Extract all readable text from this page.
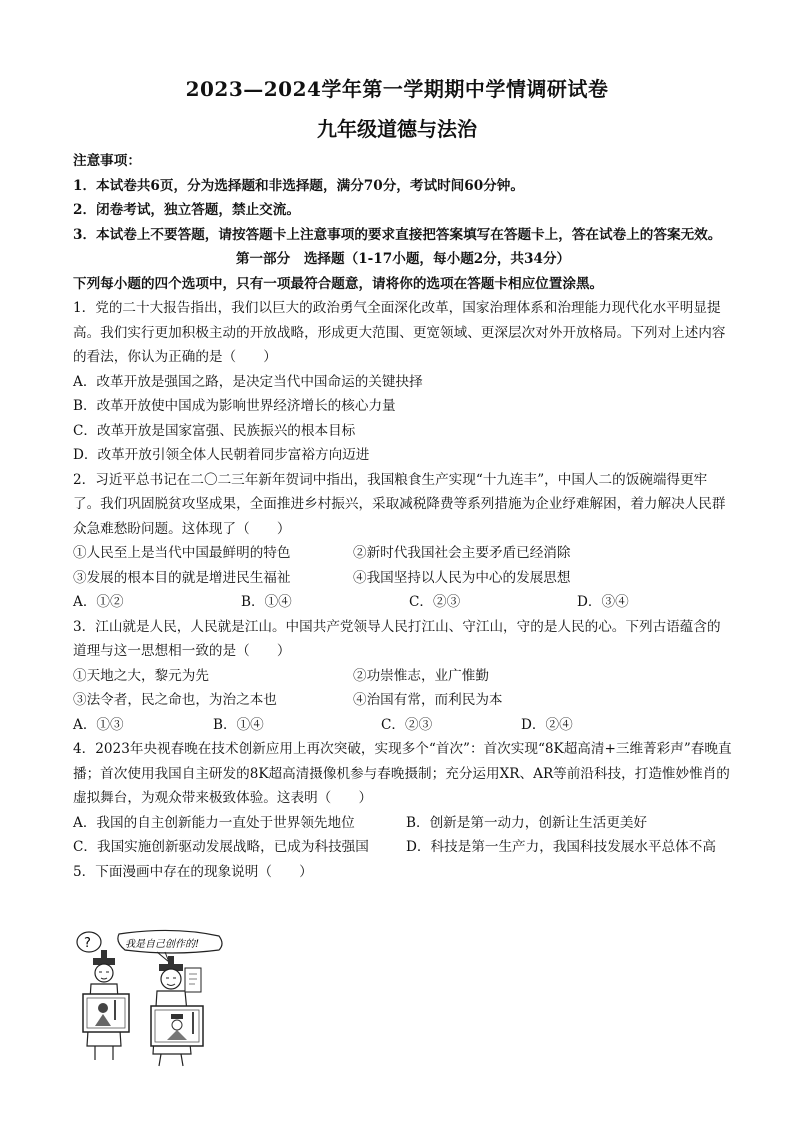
2023—2024学年第一学期期中学情调研试卷
九年级道德与法治

注意事项：

1．本试卷共6页，分为选择题和非选择题，满分70分，考试时间60分钟。

2．闭卷考试，独立答题，禁止交流。

3．本试卷上不要答题，请按答题卡上注意事项的要求直接把答案填写在答题卡上，答在试卷上的答案无效。

第一部分　选择题（1-17小题，每小题2分，共34分）

下列每小题的四个选项中，只有一项最符合题意，请将你的选项在答题卡相应位置涂黑。

1．党的二十大报告指出，我们以巨大的政治勇气全面深化改革，国家治理体系和治理能力现代化水平明显提高。我们实行更加积极主动的开放战略，形成更大范围、更宽领域、更深层次对外开放格局。下列对上述内容的看法，你认为正确的是（　　）

A．改革开放是强国之路，是决定当代中国命运的关键抉择

B．改革开放使中国成为影响世界经济增长的核心力量

C．改革开放是国家富强、民族振兴的根本目标

D．改革开放引领全体人民朝着同步富裕方向迈进

2．习近平总书记在二〇二三年新年贺词中指出，我国粮食生产实现“十九连丰”，中国人二的饭碗端得更牢了。我们巩固脱贫攻坚成果，全面推进乡村振兴，采取减税降费等系列措施为企业纾难解困，着力解决人民群众急难愁盼问题。这体现了（　　）

①人民至上是当代中国最鲜明的特色	②新时代我国社会主要矛盾已经消除
③发展的根本目的就是增进民生福祉	④我国坚持以人民为中心的发展思想
A．①②	B．①④	C．②③	D．③④

3．江山就是人民，人民就是江山。中国共产党领导人民打江山、守江山，守的是人民的心。下列古语蕴含的道理与这一思想相一致的是（　　）

①天地之大，黎元为先	②功崇惟志，业广惟勤
③法令者，民之命也，为治之本也	④治国有常，而利民为本
A．①③	B．①④	C．②③	D．②④

4．2023年央视春晚在技术创新应用上再次突破，实现多个“首次”：首次实现“8K超高清+三维菁彩声”春晚直播；首次使用我国自主研发的8K超高清摄像机参与春晚摄制；充分运用XR、AR等前沿科技，打造惟妙惟肖的虚拟舞台，为观众带来极致体验。这表明（　　）

A．我国的自主创新能力一直处于世界领先地位	B．创新是第一动力，创新让生活更美好
C．我国实施创新驱动发展战略，已成为科技强国	D．科技是第一生产力，我国科技发展水平总体不高

5．下面漫画中存在的现象说明（　　）

?	我是自己创作的!
